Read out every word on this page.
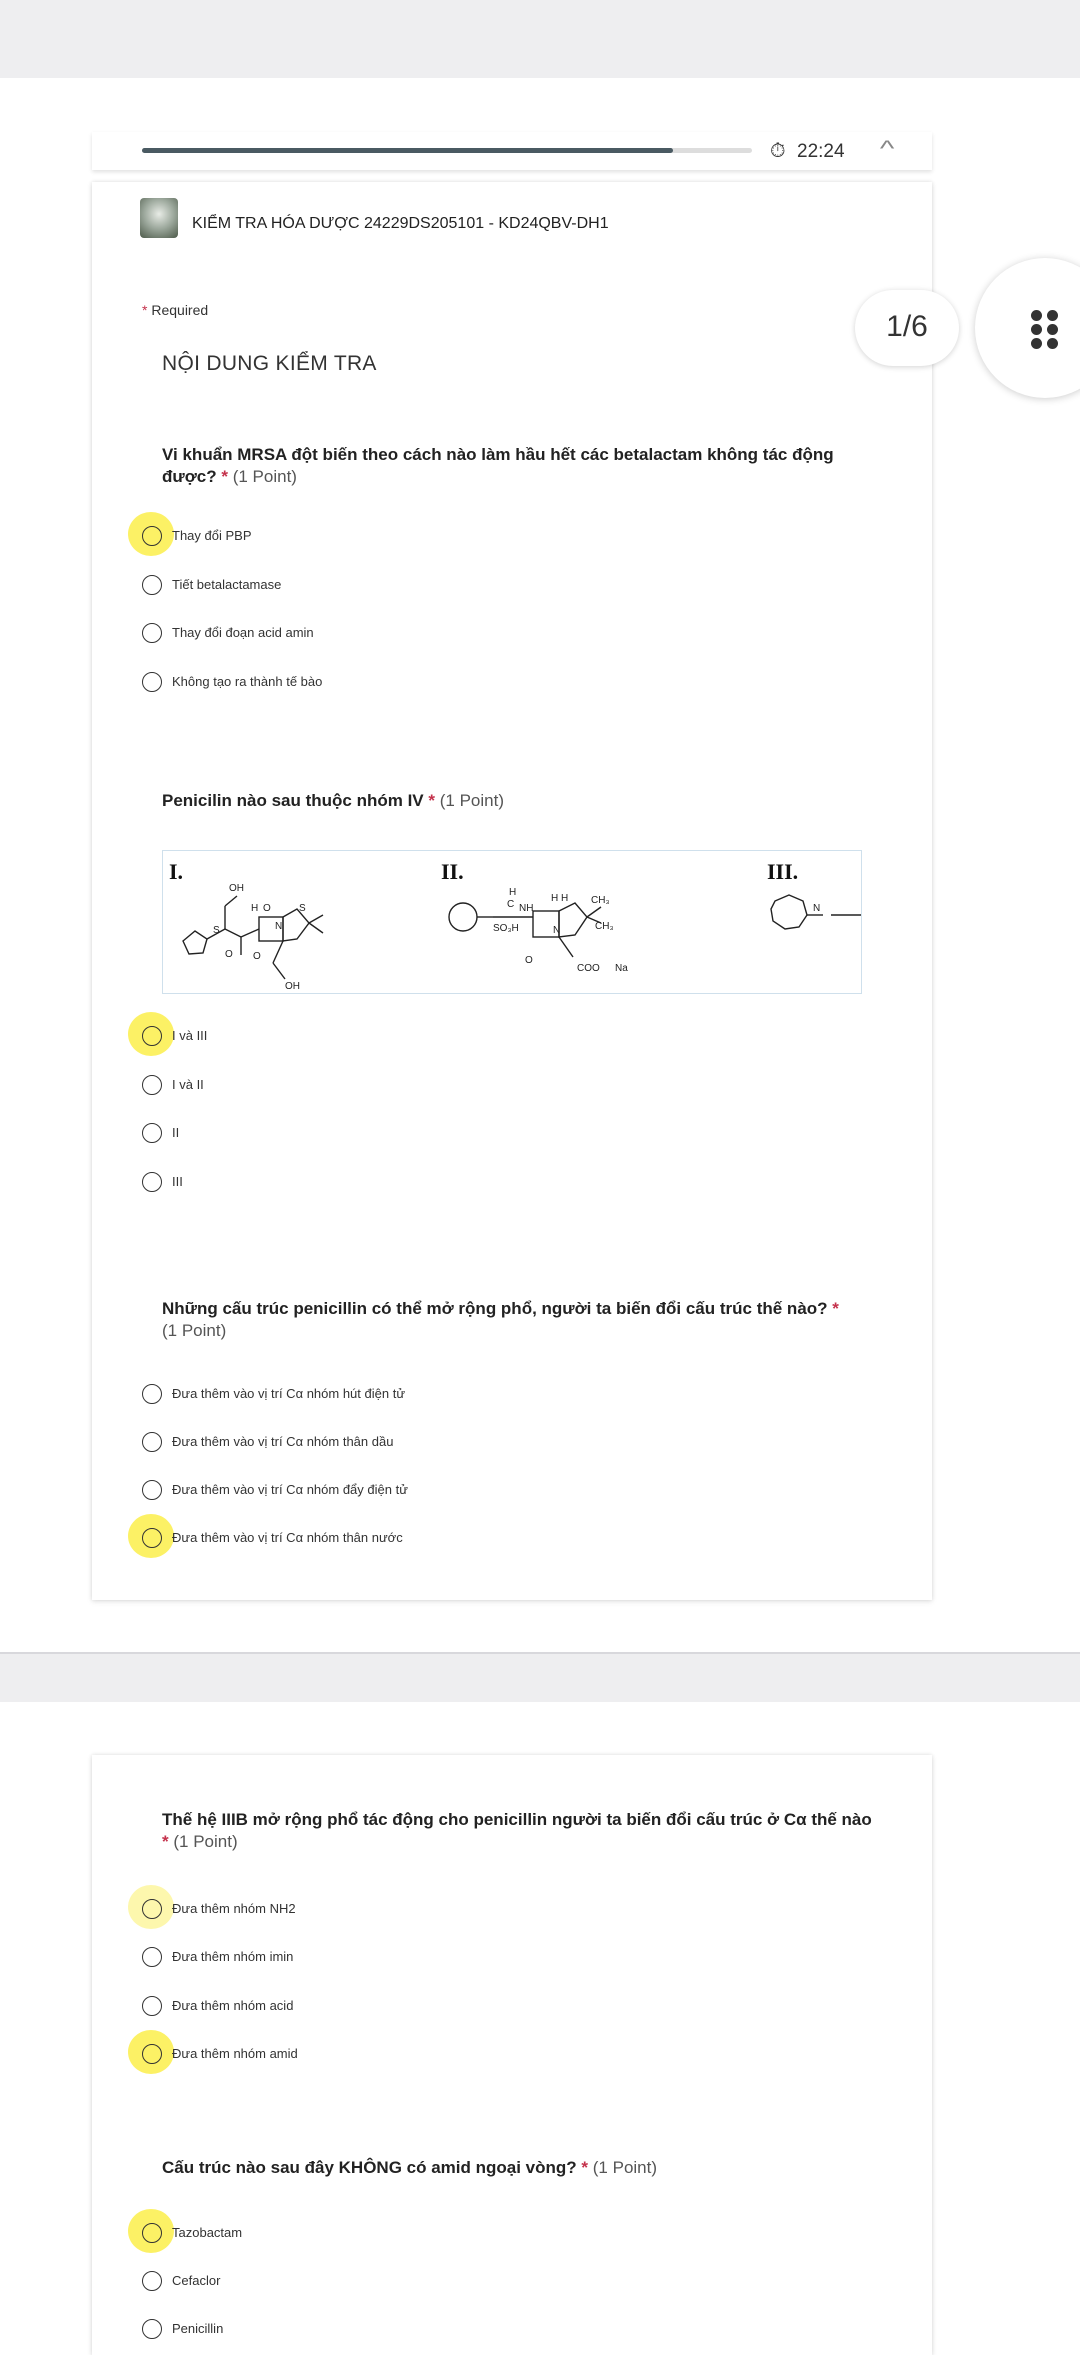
KIỂM TRA HÓA DƯỢC 24229DS205101 - KD24QBV-DH1
* Required
NỘI DUNG KIỂM TRA
Vi khuẩn MRSA đột biến theo cách nào làm hầu hết các betalactam không tác động được? * (1 Point)
Thay đổi PBP
Tiết betalactamase
Thay đổi đoạn acid amin
Không tạo ra thành tế bào
Penicilin nào sau thuộc nhóm IV * (1 Point)
I.	II.	III.
OH
O
S
H O	S
N
O
OH
H
C
SO₃H
NH
H H CH₃
CH₃
N
O
COO Na
N
I và III
I và II
II
III
Những cấu trúc penicillin có thể mở rộng phổ, người ta biến đổi cấu trúc thế nào? *
(1 Point)
Đưa thêm vào vị trí Cα nhóm hút điện tử
Đưa thêm vào vị trí Cα nhóm thân dầu
Đưa thêm vào vị trí Cα nhóm đẩy điện tử
Đưa thêm vào vị trí Cα nhóm thân nước
⏱ 22:24 ^
1/6
Thế hệ IIIB mở rộng phổ tác động cho penicillin người ta biến đổi cấu trúc ở Cα thế nào
* (1 Point)
Đưa thêm nhóm NH2
Đưa thêm nhóm imin
Đưa thêm nhóm acid
Đưa thêm nhóm amid
Cấu trúc nào sau đây KHÔNG có amid ngoại vòng? * (1 Point)
Tazobactam
Cefaclor
Penicillin
